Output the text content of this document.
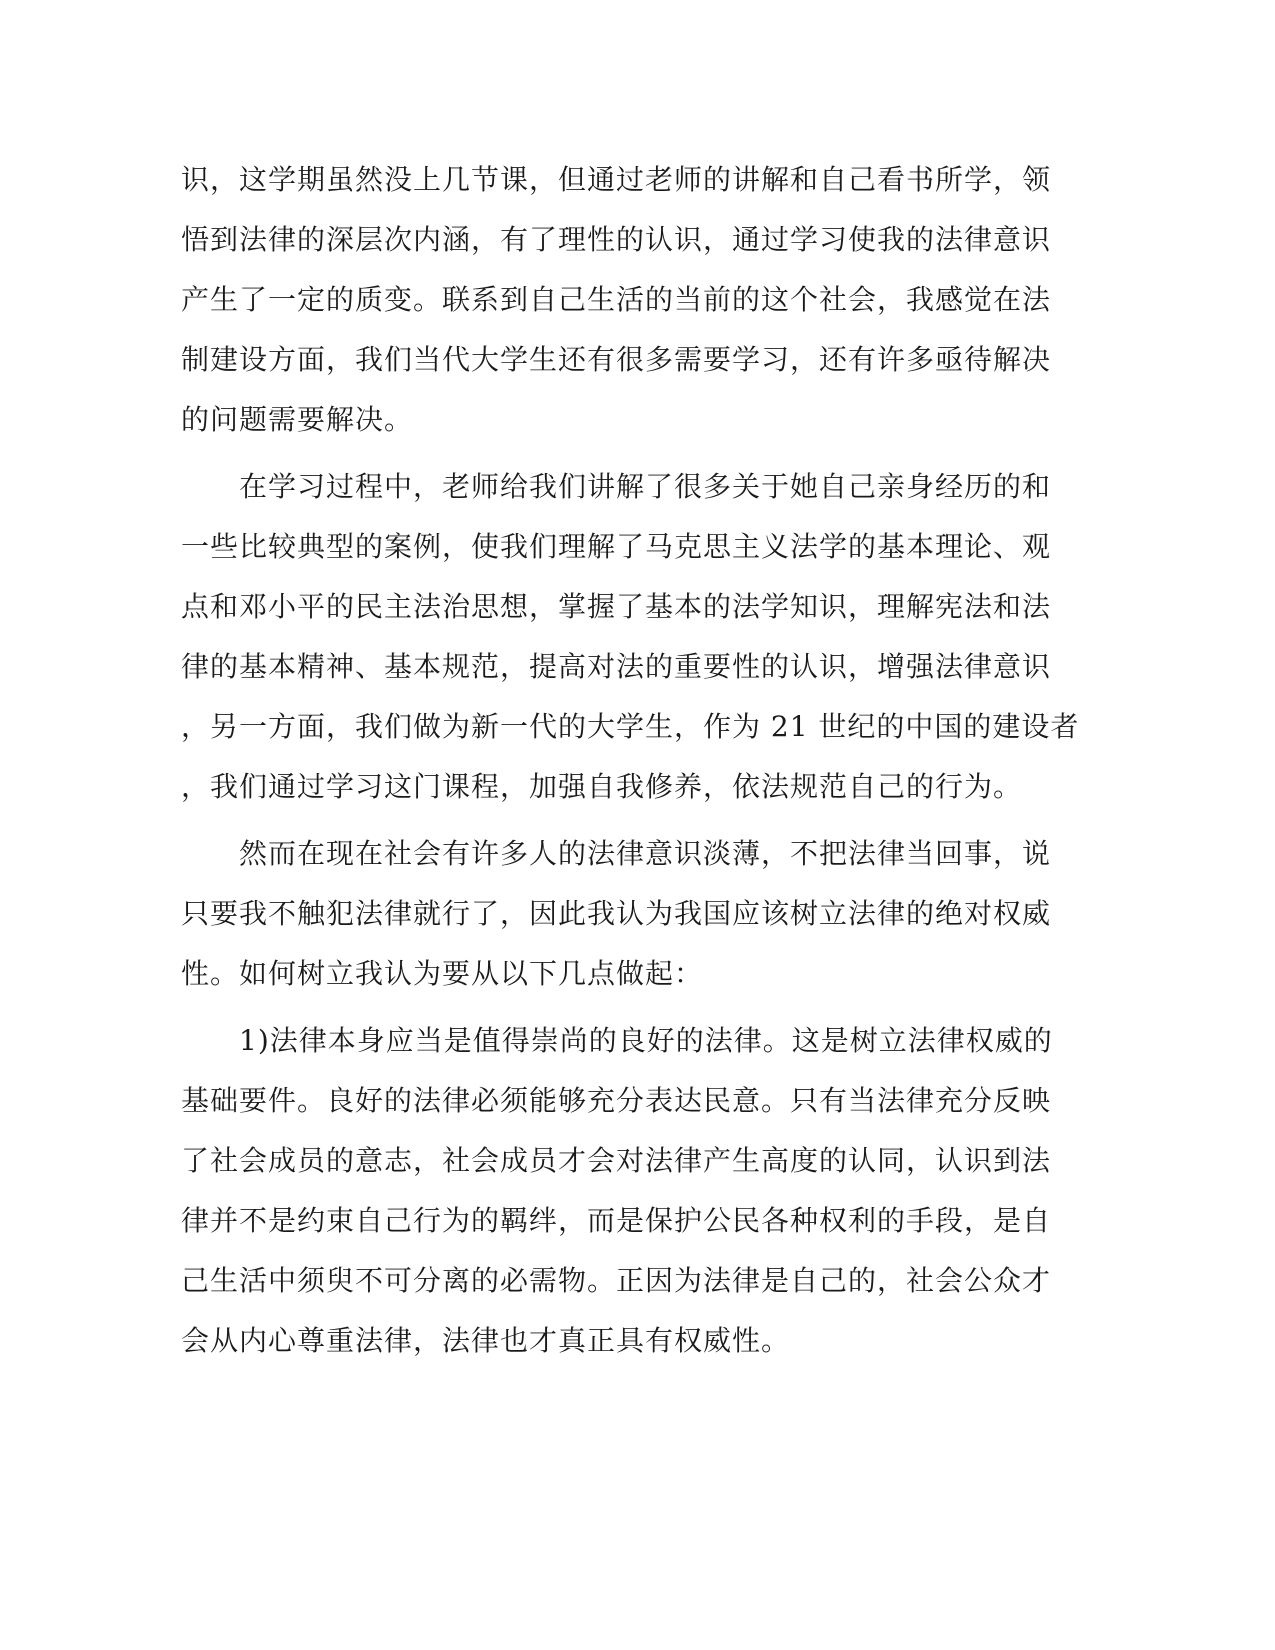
识，这学期虽然没上几节课，但通过老师的讲解和自己看书所学，领
悟到法律的深层次内涵，有了理性的认识，通过学习使我的法律意识
产生了一定的质变。联系到自己生活的当前的这个社会，我感觉在法
制建设方面，我们当代大学生还有很多需要学习，还有许多亟待解决
的问题需要解决。
　　在学习过程中，老师给我们讲解了很多关于她自己亲身经历的和
一些比较典型的案例，使我们理解了马克思主义法学的基本理论、观
点和邓小平的民主法治思想，掌握了基本的法学知识，理解宪法和法
律的基本精神、基本规范，提高对法的重要性的认识，增强法律意识
，另一方面，我们做为新一代的大学生，作为 21 世纪的中国的建设者
，我们通过学习这门课程，加强自我修养，依法规范自己的行为。
　　然而在现在社会有许多人的法律意识淡薄，不把法律当回事，说
只要我不触犯法律就行了，因此我认为我国应该树立法律的绝对权威
性。如何树立我认为要从以下几点做起：
　　1)法律本身应当是值得崇尚的良好的法律。这是树立法律权威的
基础要件。良好的法律必须能够充分表达民意。只有当法律充分反映
了社会成员的意志，社会成员才会对法律产生高度的认同，认识到法
律并不是约束自己行为的羁绊，而是保护公民各种权利的手段，是自
己生活中须臾不可分离的必需物。正因为法律是自己的，社会公众才
会从内心尊重法律，法律也才真正具有权威性。
